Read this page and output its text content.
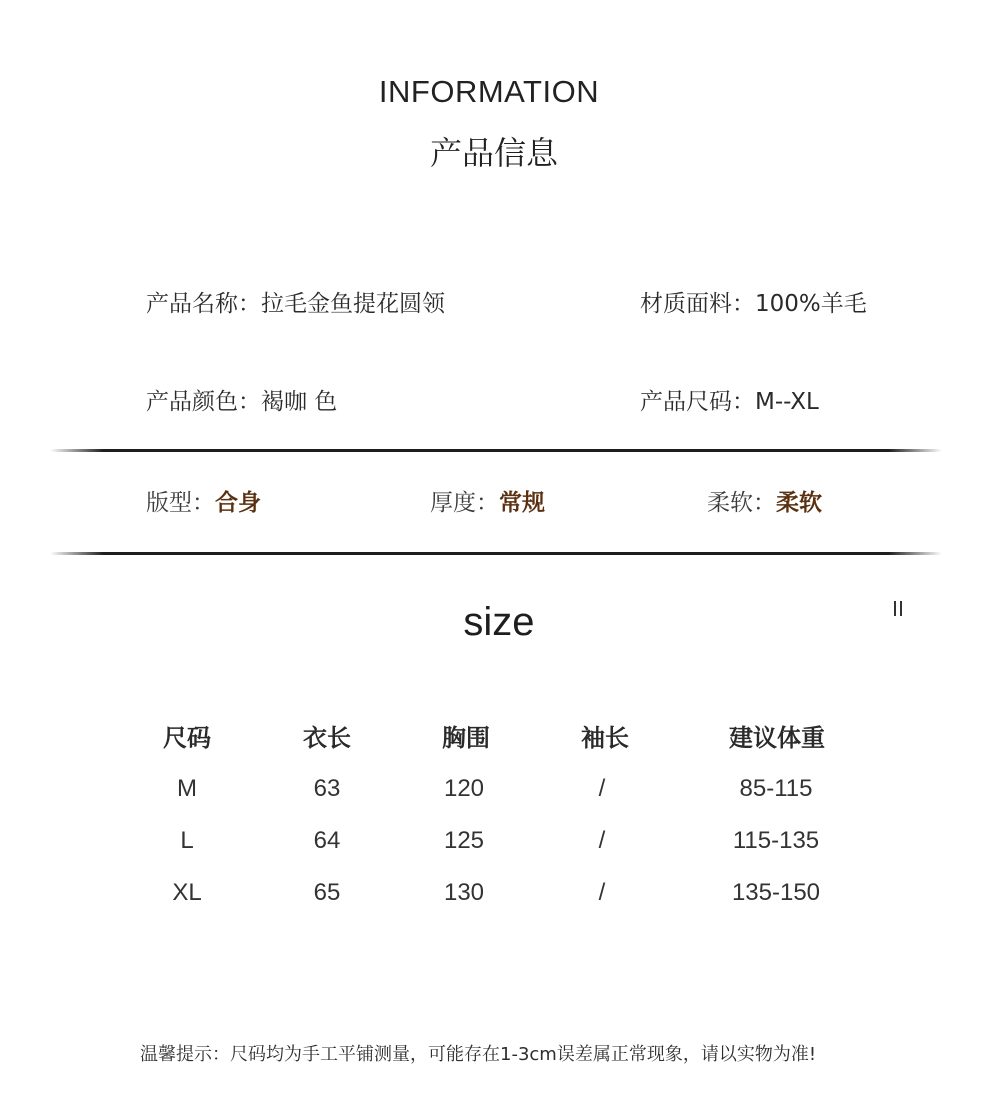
INFORMATION
产品信息
产品名称：拉毛金鱼提花圆领	材质面料：100%羊毛
产品颜色：褐咖 色	产品尺码：M--XL
版型：合身	厚度：常规	柔软：柔软
size
尺码	衣长	胸围	袖长	建议体重
M	63	120	/	85-115
L	64	125	/	115-135
XL	65	130	/	135-150
温馨提示：尺码均为手工平铺测量，可能存在1-3cm误差属正常现象，请以实物为准!
